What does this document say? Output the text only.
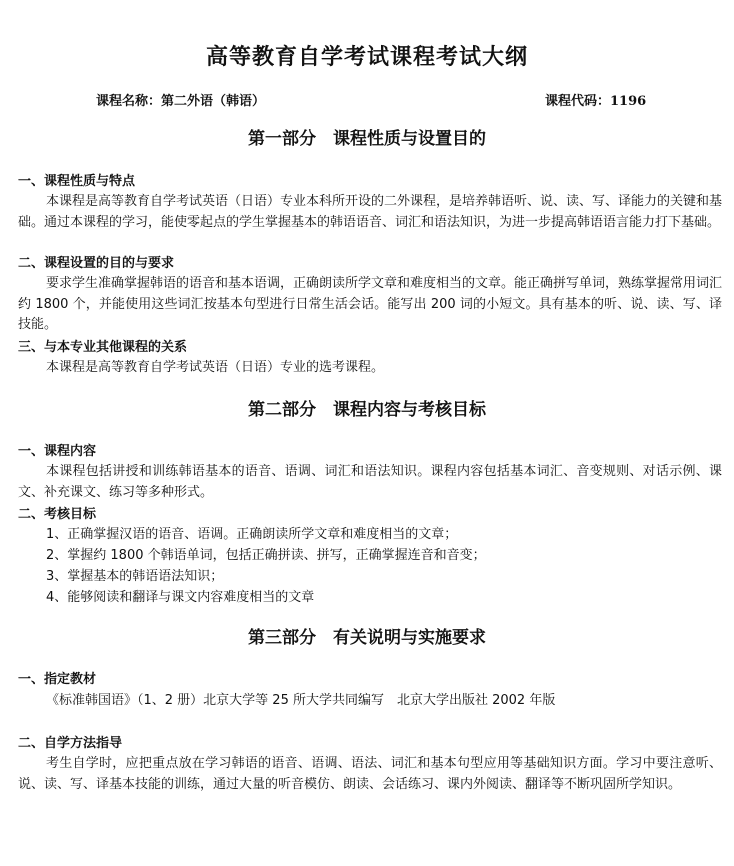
高等教育自学考试课程考试大纲
课程名称：第二外语（韩语）	课程代码：1196
第一部分　课程性质与设置目的
一、课程性质与特点
本课程是高等教育自学考试英语（日语）专业本科所开设的二外课程，是培养韩语听、说、读、写、译能力的关键和基础。通过本课程的学习，能使零起点的学生掌握基本的韩语语音、词汇和语法知识，为进一步提高韩语语言能力打下基础。
二、课程设置的目的与要求
要求学生准确掌握韩语的语音和基本语调，正确朗读所学文章和难度相当的文章。能正确拼写单词，熟练掌握常用词汇约 1800 个，并能使用这些词汇按基本句型进行日常生活会话。能写出 200 词的小短文。具有基本的听、说、读、写、译技能。
三、与本专业其他课程的关系
本课程是高等教育自学考试英语（日语）专业的选考课程。
第二部分　课程内容与考核目标
一、课程内容
本课程包括讲授和训练韩语基本的语音、语调、词汇和语法知识。课程内容包括基本词汇、音变规则、对话示例、课文、补充课文、练习等多种形式。
二、考核目标
1、正确掌握汉语的语音、语调。正确朗读所学文章和难度相当的文章；
2、掌握约 1800 个韩语单词，包括正确拼读、拼写，正确掌握连音和音变；
3、掌握基本的韩语语法知识；
4、能够阅读和翻译与课文内容难度相当的文章
第三部分　有关说明与实施要求
一、指定教材
《标准韩国语》（1、2 册）北京大学等 25 所大学共同编写　北京大学出版社 2002 年版
二、自学方法指导
考生自学时，应把重点放在学习韩语的语音、语调、语法、词汇和基本句型应用等基础知识方面。学习中要注意听、说、读、写、译基本技能的训练，通过大量的听音模仿、朗读、会话练习、课内外阅读、翻译等不断巩固所学知识。
